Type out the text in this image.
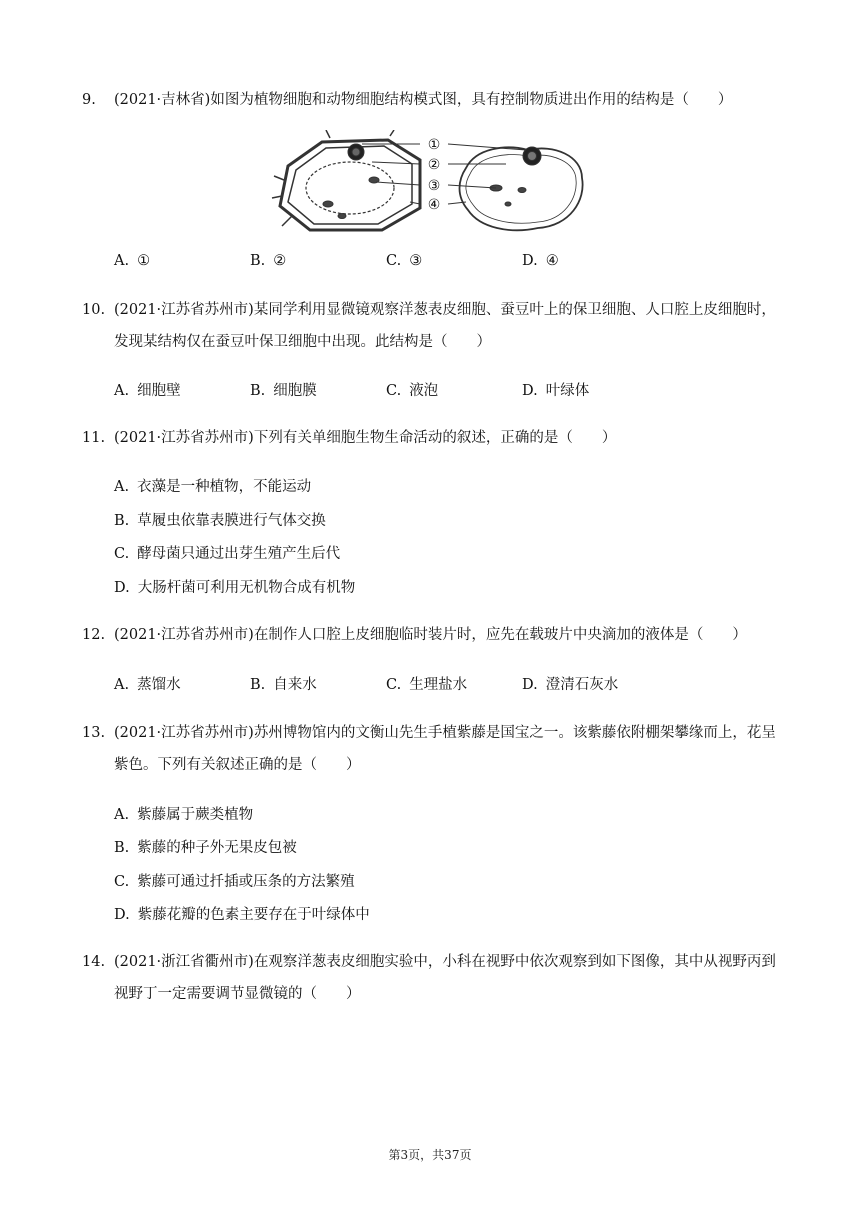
9. (2021·吉林省)如图为植物细胞和动物细胞结构模式图，具有控制物质进出作用的结构是（　　）
①
②
③
④
A. ①	B. ②	C. ③	D. ④
10. (2021·江苏省苏州市)某同学利用显微镜观察洋葱表皮细胞、蚕豆叶上的保卫细胞、人口腔上皮细胞时，发现某结构仅在蚕豆叶保卫细胞中出现。此结构是（　　）
A. 细胞壁	B. 细胞膜	C. 液泡	D. 叶绿体
11. (2021·江苏省苏州市)下列有关单细胞生物生命活动的叙述，正确的是（　　）
A. 衣藻是一种植物，不能运动
B. 草履虫依靠表膜进行气体交换
C. 酵母菌只通过出芽生殖产生后代
D. 大肠杆菌可利用无机物合成有机物
12. (2021·江苏省苏州市)在制作人口腔上皮细胞临时装片时，应先在载玻片中央滴加的液体是（　　）
A. 蒸馏水	B. 自来水	C. 生理盐水	D. 澄清石灰水
13. (2021·江苏省苏州市)苏州博物馆内的文衡山先生手植紫藤是国宝之一。该紫藤依附棚架攀缘而上，花呈紫色。下列有关叙述正确的是（　　）
A. 紫藤属于蕨类植物
B. 紫藤的种子外无果皮包被
C. 紫藤可通过扦插或压条的方法繁殖
D. 紫藤花瓣的色素主要存在于叶绿体中
14. (2021·浙江省衢州市)在观察洋葱表皮细胞实验中，小科在视野中依次观察到如下图像，其中从视野丙到视野丁一定需要调节显微镜的（　　）
第3页，共37页
